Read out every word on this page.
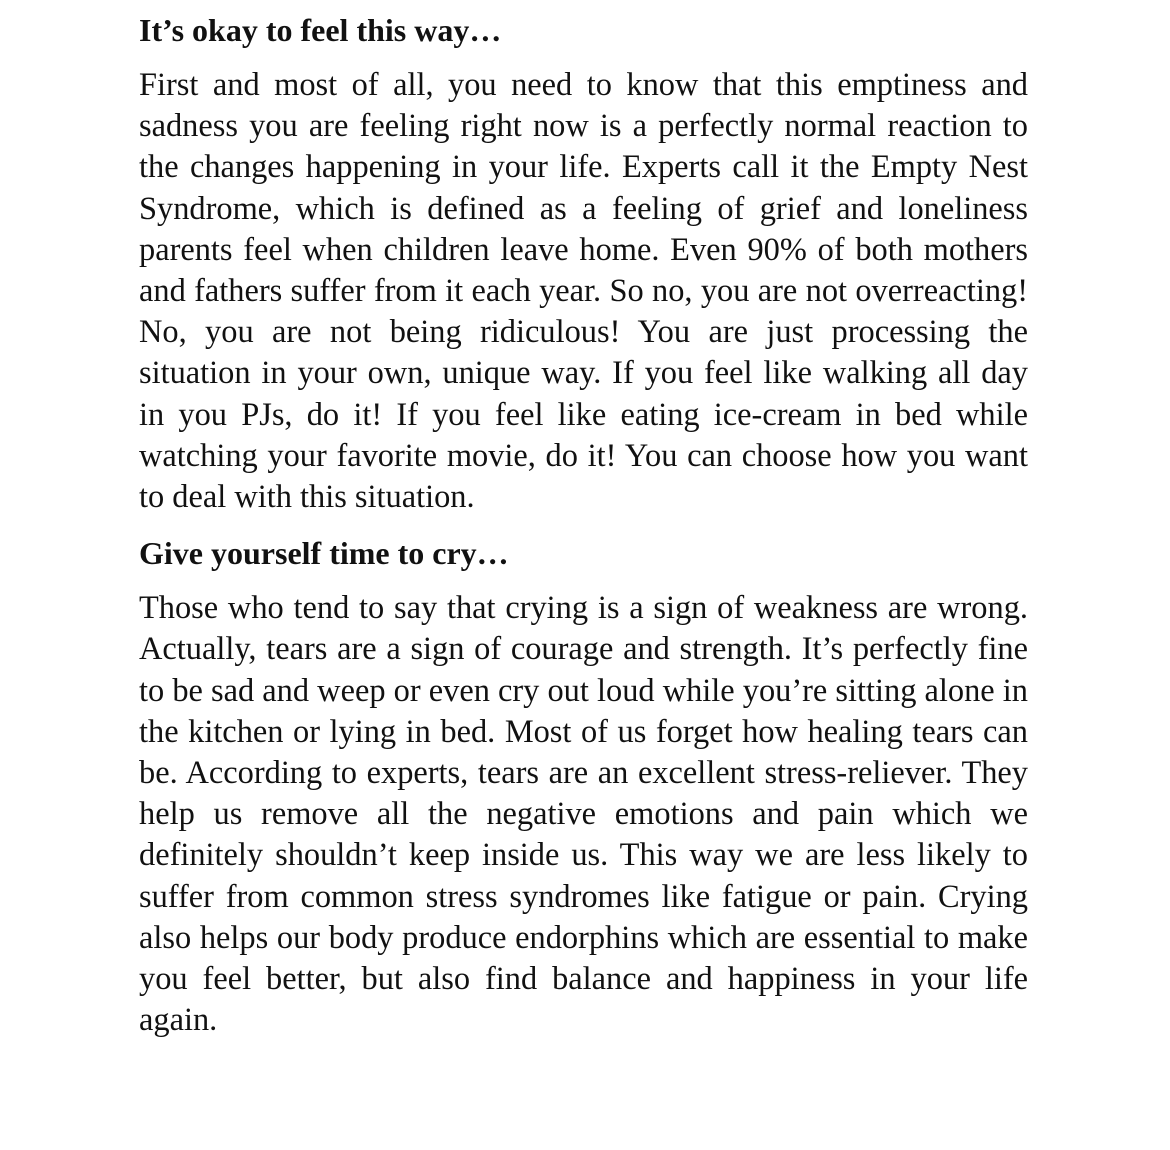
It’s okay to feel this way…

First and most of all, you need to know that this emptiness and sadness you are feeling right now is a perfectly normal reaction to the changes happening in your life. Experts call it the Empty Nest Syndrome, which is defined as a feeling of grief and loneliness parents feel when children leave home. Even 90% of both mothers and fathers suffer from it each year. So no, you are not overreacting! No, you are not being ridiculous! You are just processing the situation in your own, unique way. If you feel like walking all day in you PJs, do it! If you feel like eating ice-cream in bed while watching your favorite movie, do it! You can choose how you want to deal with this situation.

Give yourself time to cry…

Those who tend to say that crying is a sign of weakness are wrong. Actually, tears are a sign of courage and strength. It’s perfectly fine to be sad and weep or even cry out loud while you’re sitting alone in the kitchen or lying in bed. Most of us forget how healing tears can be. According to experts, tears are an excellent stress-reliever. They help us remove all the negative emotions and pain which we definitely shouldn’t keep inside us. This way we are less likely to suffer from common stress syndromes like fatigue or pain. Crying also helps our body produce endorphins which are essential to make you feel better, but also find balance and happiness in your life again.
